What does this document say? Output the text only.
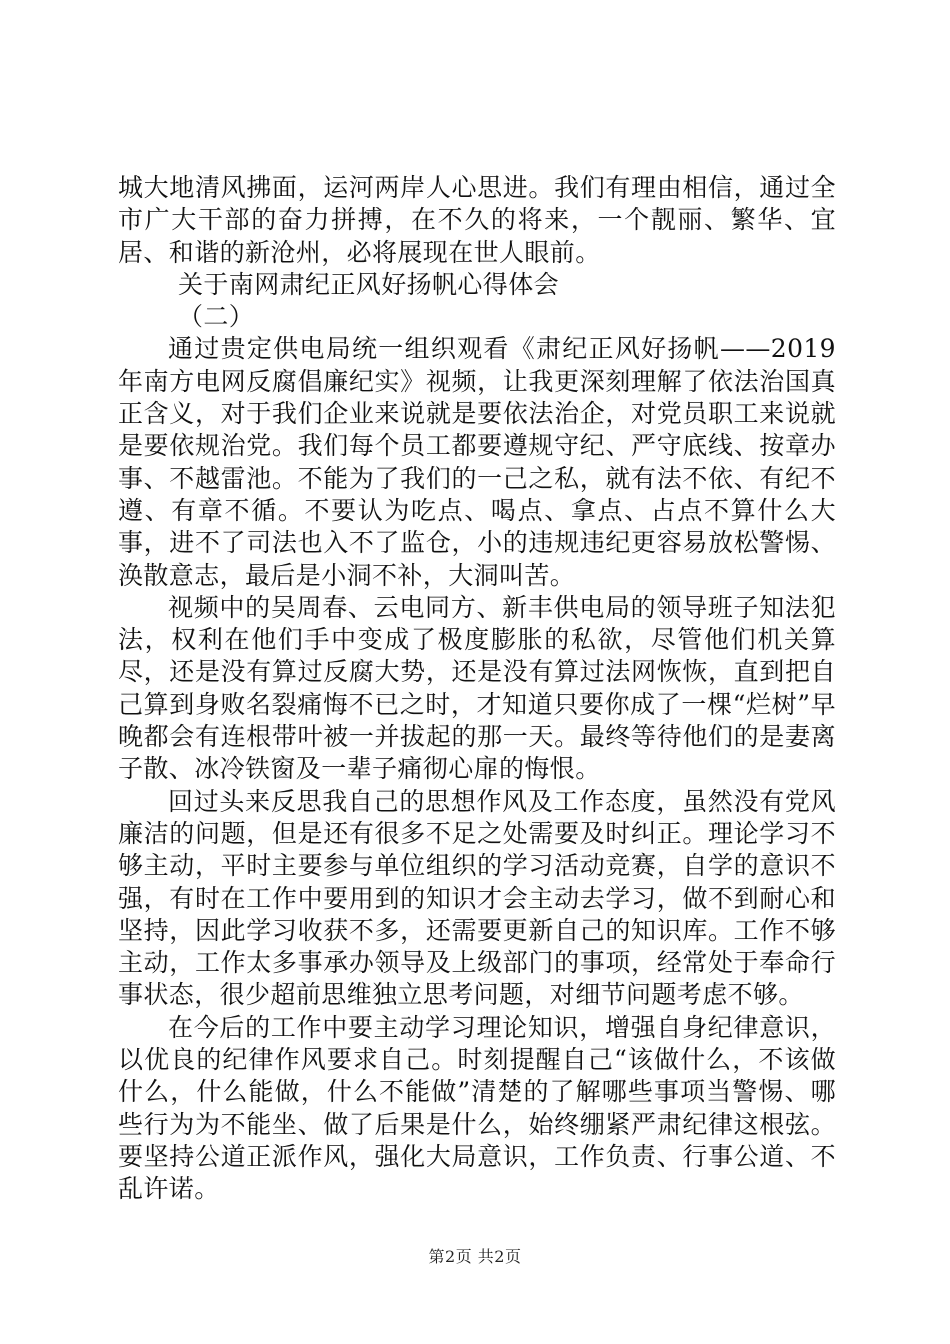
城大地清风拂面，运河两岸人心思进。我们有理由相信，通过全市广大干部的奋力拼搏，在不久的将来，一个靓丽、繁华、宜居、和谐的新沧州，必将展现在世人眼前。

关于南网肃纪正风好扬帆心得体会

（二）

通过贵定供电局统一组织观看《肃纪正风好扬帆——2019年南方电网反腐倡廉纪实》视频，让我更深刻理解了依法治国真正含义，对于我们企业来说就是要依法治企，对党员职工来说就是要依规治党。我们每个员工都要遵规守纪、严守底线、按章办事、不越雷池。不能为了我们的一己之私，就有法不依、有纪不遵、有章不循。不要认为吃点、喝点、拿点、占点不算什么大事，进不了司法也入不了监仓，小的违规违纪更容易放松警惕、涣散意志，最后是小洞不补，大洞叫苦。

视频中的吴周春、云电同方、新丰供电局的领导班子知法犯法，权利在他们手中变成了极度膨胀的私欲，尽管他们机关算尽，还是没有算过反腐大势，还是没有算过法网恢恢，直到把自己算到身败名裂痛悔不已之时，才知道只要你成了一棵“烂树”早晚都会有连根带叶被一并拔起的那一天。最终等待他们的是妻离子散、冰冷铁窗及一辈子痛彻心扉的悔恨。

回过头来反思我自己的思想作风及工作态度，虽然没有党风廉洁的问题，但是还有很多不足之处需要及时纠正。理论学习不够主动，平时主要参与单位组织的学习活动竞赛，自学的意识不强，有时在工作中要用到的知识才会主动去学习，做不到耐心和坚持，因此学习收获不多，还需要更新自己的知识库。工作不够主动，工作太多事承办领导及上级部门的事项，经常处于奉命行事状态，很少超前思维独立思考问题，对细节问题考虑不够。

在今后的工作中要主动学习理论知识，增强自身纪律意识，以优良的纪律作风要求自己。时刻提醒自己“该做什么，不该做什么，什么能做，什么不能做”清楚的了解哪些事项当警惕、哪些行为为不能坐、做了后果是什么，始终绷紧严肃纪律这根弦。要坚持公道正派作风，强化大局意识，工作负责、行事公道、不乱许诺。

第2页 共2页
